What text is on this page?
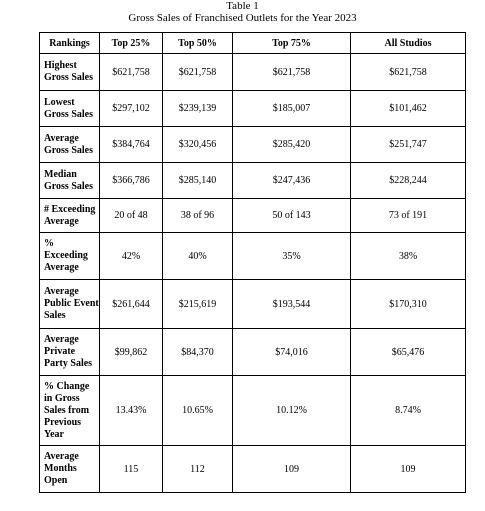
Table 1
Gross Sales of Franchised Outlets for the Year 2023
Rankings	Top 25%	Top 50%	Top 75%	All Studios
Highest Gross Sales	$621,758	$621,758	$621,758	$621,758
Lowest Gross Sales	$297,102	$239,139	$185,007	$101,462
Average Gross Sales	$384,764	$320,456	$285,420	$251,747
Median Gross Sales	$366,786	$285,140	$247,436	$228,244
# Exceeding Average	20 of 48	38 of 96	50 of 143	73 of 191
% Exceeding Average	42%	40%	35%	38%
Average Public Event Sales	$261,644	$215,619	$193,544	$170,310
Average Private Party Sales	$99,862	$84,370	$74,016	$65,476
% Change in Gross Sales from Previous Year	13.43%	10.65%	10.12%	8.74%
Average Months Open	115	112	109	109
